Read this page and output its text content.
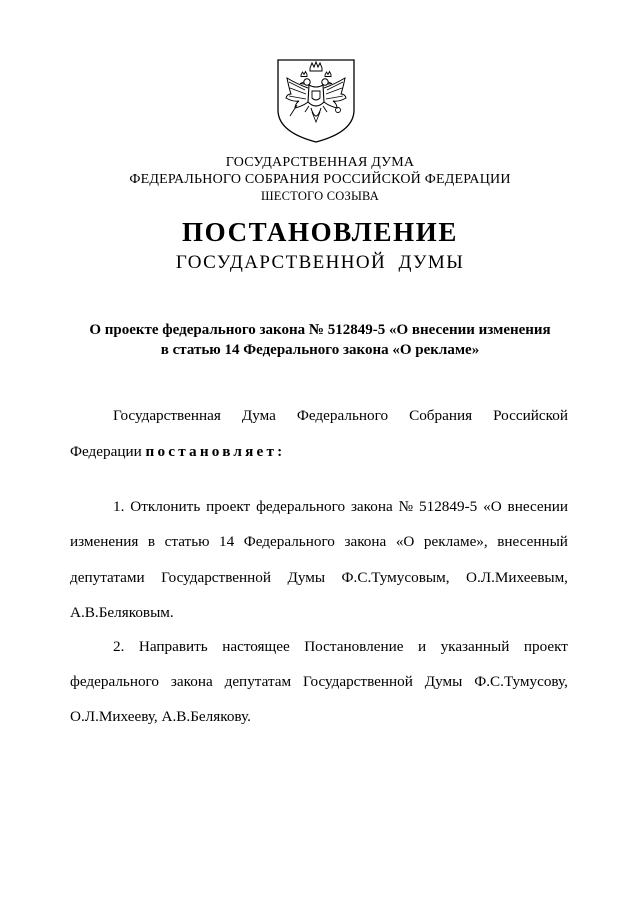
ГОСУДАРСТВЕННАЯ ДУМА
ФЕДЕРАЛЬНОГО СОБРАНИЯ РОССИЙСКОЙ ФЕДЕРАЦИИ
ШЕСТОГО СОЗЫВА
ПОСТАНОВЛЕНИЕ
ГОСУДАРСТВЕННОЙ  ДУМЫ
О проекте федерального закона № 512849-5 «О внесении изменения
в статью 14 Федерального закона «О рекламе»
Государственная Дума Федерального Собрания Российской
Федерации постановляет:
1. Отклонить проект федерального закона № 512849-5 «О внесении
изменения в статью 14 Федерального закона «О рекламе», внесенный
депутатами Государственной Думы Ф.С.Тумусовым, О.Л.Михеевым,
А.В.Беляковым.
2. Направить настоящее Постановление и указанный проект
федерального закона депутатам Государственной Думы Ф.С.Тумусову,
О.Л.Михееву, А.В.Белякову.
